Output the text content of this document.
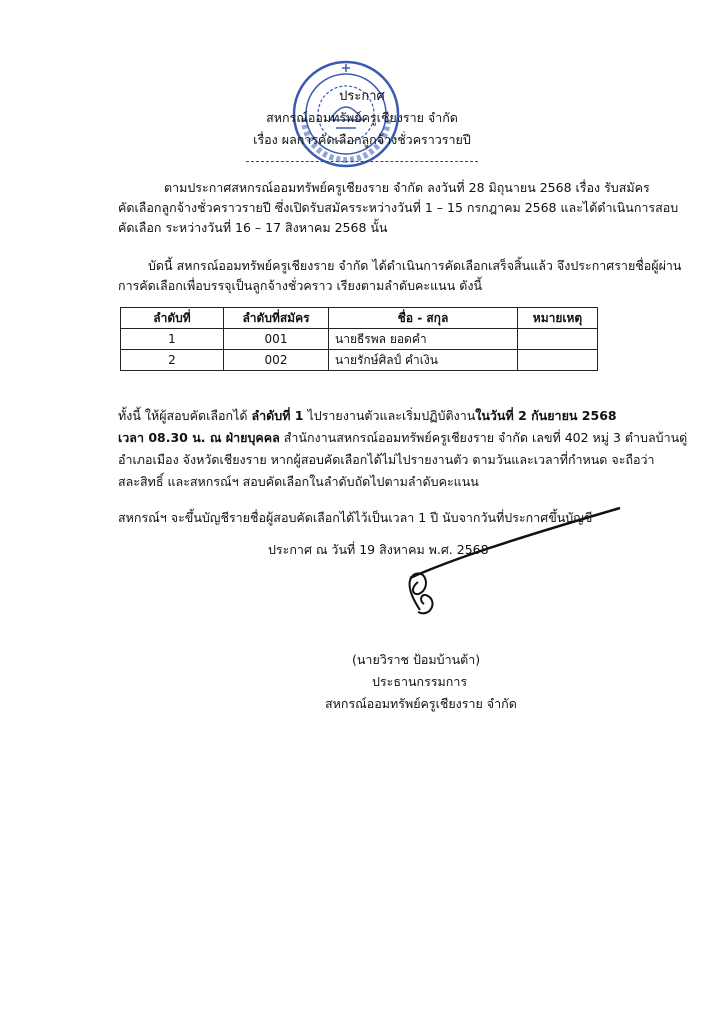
ประกาศ
สหกรณ์ออมทรัพย์ครูเชียงราย จำกัด
เรื่อง ผลการคัดเลือกลูกจ้างชั่วคราวรายปี
ตามประกาศสหกรณ์ออมทรัพย์ครูเชียงราย จำกัด ลงวันที่ 28 มิถุนายน 2568 เรื่อง รับสมัคร
คัดเลือกลูกจ้างชั่วคราวรายปี ซึ่งเปิดรับสมัครระหว่างวันที่ 1 – 15 กรกฎาคม 2568 และได้ดำเนินการสอบ
คัดเลือก ระหว่างวันที่ 16 – 17 สิงหาคม 2568 นั้น
บัดนี้ สหกรณ์ออมทรัพย์ครูเชียงราย จำกัด ได้ดำเนินการคัดเลือกเสร็จสิ้นแล้ว จึงประกาศรายชื่อผู้ผ่าน
การคัดเลือกเพื่อบรรจุเป็นลูกจ้างชั่วคราว เรียงตามลำดับคะแนน ดังนี้
ลำดับที่	ลำดับที่สมัคร	ชื่อ - สกุล	หมายเหตุ
1	001	นายธีรพล ยอดคำ	
2	002	นายรักษ์ศิลป์ คำเงิน	
ทั้งนี้ ให้ผู้สอบคัดเลือกได้ ลำดับที่ 1 ไปรายงานตัวและเริ่มปฏิบัติงานในวันที่ 2 กันยายน 2568
เวลา 08.30 น. ณ ฝ่ายบุคคล สำนักงานสหกรณ์ออมทรัพย์ครูเชียงราย จำกัด เลขที่ 402 หมู่ 3 ตำบลบ้านดู่
อำเภอเมือง จังหวัดเชียงราย หากผู้สอบคัดเลือกได้ไม่ไปรายงานตัว ตามวันและเวลาที่กำหนด จะถือว่า
สละสิทธิ์ และสหกรณ์ฯ สอบคัดเลือกในลำดับถัดไปตามลำดับคะแนน
สหกรณ์ฯ จะขึ้นบัญชีรายชื่อผู้สอบคัดเลือกได้ไว้เป็นเวลา 1 ปี นับจากวันที่ประกาศขึ้นบัญชี
ประกาศ ณ วันที่ 19 สิงหาคม พ.ศ. 2568
(นายวิราช ป้อมบ้านต้า)
ประธานกรรมการ
สหกรณ์ออมทรัพย์ครูเชียงราย จำกัด
